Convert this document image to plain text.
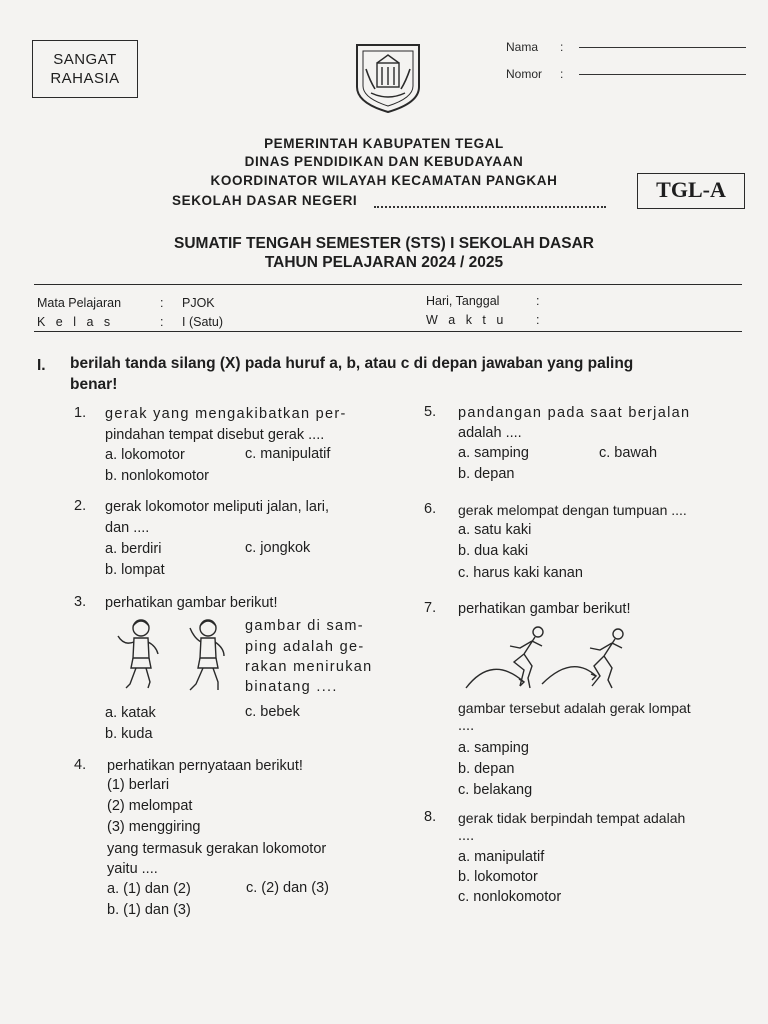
SANGAT
RAHASIA
Nama :
Nomor :
PEMERINTAH KABUPATEN TEGAL
DINAS PENDIDIKAN DAN KEBUDAYAAN
KOORDINATOR WILAYAH KECAMATAN PANGKAH
SEKOLAH DASAR NEGERI	TGL-A
SUMATIF TENGAH SEMESTER (STS) I SEKOLAH DASAR
TAHUN PELAJARAN 2024 / 2025
Mata Pelajaran	: PJOK
K e l a s	: I (Satu)
Hari, Tanggal	:
W a k t u :
I. berilah tanda silang (X) pada huruf a, b, atau c di depan jawaban yang paling
benar!
1. gerak yang mengakibatkan per-
pindahan tempat disebut gerak ....
a. lokomotor	c. manipulatif
b. nonlokomotor
2. gerak lokomotor meliputi jalan, lari,
dan ....
a. berdiri	c. jongkok
b. lompat
3. perhatikan gambar berikut!
gambar di sam-
ping adalah ge-
rakan menirukan
binatang ....
a. katak	c. bebek
b. kuda
4. perhatikan pernyataan berikut!
(1) berlari
(2) melompat
(3) menggiring
yang termasuk gerakan lokomotor
yaitu ....
a. (1) dan (2)	c. (2) dan (3)
b. (1) dan (3)
5. pandangan pada saat berjalan
adalah ....
a. samping	c. bawah
b. depan
6. gerak melompat dengan tumpuan ....
a. satu kaki
b. dua kaki
c. harus kaki kanan
7. perhatikan gambar berikut!
gambar tersebut adalah gerak lompat
....
a. samping
b. depan
c. belakang
8. gerak tidak berpindah tempat adalah
....
a. manipulatif
b. lokomotor
c. nonlokomotor
